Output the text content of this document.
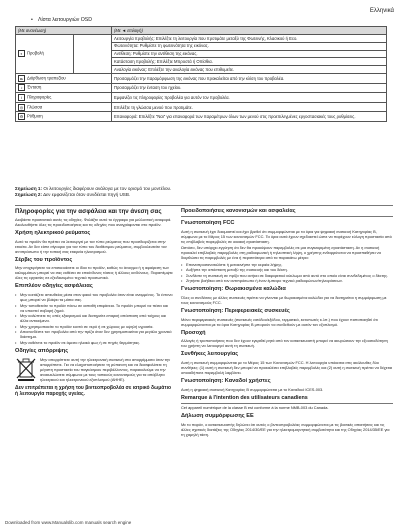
Ελληνικά
• Λίστα λειτουργιών OSD
(Με ανανέωση)		(Με ◄ επιλογή)
◐ Προβολή		Λειτουργία προβολής: Επιλέξτε τη λειτουργία που προτιμάτε μεταξύ της Φωτεινής, Κλασικού ή Eco.
		Φωτεινότητα: Ρυθμίστε τη φωτεινότητα της εικόνας.
		Αντίθεση: Ρυθμίστε την αντίθεση της εικόνας.
		Κατάσταση προβολής: Επιλέξτε Μπροστά ή Οπίσθια.
		Αναλογία εικόνας: Επιλέξτε την αναλογία εικόνας που επιθυμείτε.
⏢ Διόρθωση τραπεζίου		Προσαρμόζει την παραμόρφωση της εικόνας που προκαλείται από την κλίση του προβολέα.
♪ Ένταση		Προσαρμόζει την ένταση του ηχείου.
i Πληροφορίες		Εμφανίζει τις πληροφορίες προβολέα για αυτόν τον προβολέα.
◎ Γλώσσα		Επιλέξτε τη γλώσσα μενού που προτιμάτε.
⚙ Ρύθμιση		Επαναφορά: Επιλέξτε "Ναι" για επαναφορά των παραμέτρων όλων των μενού στις προεπιλεγμένες εργοστασιακές τους ρυθμίσεις.
Σημείωση 1: Οι λειτουργίες διαφέρουν ανάλογα με τον ορισμό του μοντέλου.
Σημείωση 2: Δεν εμφανίζεται όταν συνδέεται πηγή USB.
Πληροφορίες για την ασφάλεια και την άνεση σας
Διαβάστε προσεκτικά αυτές τις οδηγίες. Φυλάξτε αυτό το έγγραφο για μελλοντική αναφορά. Ακολουθήστε όλες τις προειδοποιήσεις και τις οδηγίες που αναγράφονται στο προϊόν.
Χρήση ηλεκτρικού ρεύματος
Αυτό το προϊόν θα πρέπει να λειτουργεί με τον τύπο ρεύματος που προσδιορίζεται στην ετικέτα. Αν δεν είστε σίγουροι για τον τύπο του διαθέσιμου ρεύματος, συμβουλευτείτε τον αντιπρόσωπο ή την τοπική σας εταιρεία ηλεκτρισμού.
Σέρβις του προϊόντος
Μην επιχειρήσετε να επισκευάσετε οι ίδιοι το προϊόν, καθώς το άνοιγμα ή η αφαίρεση των καλυμμάτων μπορεί να σας εκθέσει σε επικίνδυνες τάσεις ή άλλους κινδύνους. Παραπέμψτε όλες τις εργασίες σε εξειδικευμένο τεχνικό προσωπικό.
Επιπλέον οδηγίες ασφάλειας
• Μην κοιτάζετε απευθείας μέσα στον φακό του προβολέα όταν είναι αναμμένος. Το έντονο φως μπορεί να βλάψει τα μάτια σας.
• Μην τοποθετείτε το προϊόν πάνω σε ασταθή επιφάνεια. Το προϊόν μπορεί να πέσει και να υποστεί σοβαρή ζημιά.
• Μην καλύπτετε τις οπές εξαερισμού και διατηρείτε επαρκή απόσταση από τοίχους και άλλα αντικείμενα.
• Μην χρησιμοποιείτε το προϊόν κοντά σε νερό ή σε χώρους με υψηλή υγρασία.
• Αποσυνδέστε τον προβολέα από την πρίζα όταν δεν χρησιμοποιείται για μεγάλο χρονικό διάστημα.
• Μην εκθέτετε το προϊόν σε άμεσο ηλιακό φως ή σε πηγές θερμότητας.
Οδηγίες απόρριψης
Μην απορρίπτετε αυτή την ηλεκτρονική συσκευή στα απορρίμματα όταν την απορρίπτετε. Για να ελαχιστοποιήσετε τη ρύπανση και να διασφαλίσετε τη μέγιστη προστασία του παγκόσμιου περιβάλλοντος, παρακαλούμε να την ανακυκλώσετε σύμφωνα με τους τοπικούς κανονισμούς για τα απόβλητα ηλεκτρικού και ηλεκτρονικού εξοπλισμού (ΑΗΗΕ).
Δεν επιτρέπεται η χρήση του βιντεοπροβολέα σε ιατρικό δωμάτιο ή λειτουργία παροχής υγείας.
Προειδοποιήσεις κανονισμών και ασφαλείας
Γνωστοποίηση FCC
Αυτή η συσκευή έχει δοκιμαστεί και έχει βρεθεί ότι συμμορφώνεται με τα όρια για ψηφιακή συσκευή Κατηγορίας Β, σύμφωνα με το Μέρος 15 των κανονισμών FCC. Τα όρια αυτά έχουν σχεδιαστεί ώστε να παρέχουν εύλογη προστασία από τις επιβλαβείς παρεμβολές σε οικιακή εγκατάσταση.
Ωστόσο, δεν υπάρχει εγγύηση ότι δεν θα προκύψουν παρεμβολές σε μια συγκεκριμένη εγκατάσταση. Αν η συσκευή προκαλεί επιβλαβείς παρεμβολές στη ραδιοφωνική ή τηλεοπτική λήψη, ο χρήστης ενθαρρύνεται να προσπαθήσει να διορθώσει τις παρεμβολές με ένα ή περισσότερα από τα παρακάτω μέτρα:
• Επαναπροσανατολίστε ή μετακινήστε την κεραία λήψης.
• Αυξήστε την απόσταση μεταξύ της συσκευής και του δέκτη.
• Συνδέστε τη συσκευή σε πρίζα που ανήκει σε διαφορετικό κύκλωμα από αυτό στο οποίο είναι συνδεδεμένος ο δέκτης.
• Ζητήστε βοήθεια από τον αντιπρόσωπο ή έναν έμπειρο τεχνικό ραδιοφώνων/τηλεοράσεων.
Γνωστοποίηση: Θωρακισμένα καλώδια
Όλες οι συνδέσεις με άλλες συσκευές πρέπει να γίνονται με θωρακισμένα καλώδια για να διατηρείται η συμμόρφωση με τους κανονισμούς FCC.
Γνωστοποίηση: Περιφερειακές συσκευές
Μόνο περιφερειακές συσκευές (συσκευές εισόδου/εξόδου, τερματικά, εκτυπωτές κ.λπ.) που έχουν πιστοποιηθεί ότι συμμορφώνονται με τα όρια Κατηγορίας Β μπορούν να συνδεθούν με αυτόν τον εξοπλισμό.
Προσοχή
Αλλαγές ή τροποποιήσεις που δεν έχουν εγκριθεί ρητά από τον κατασκευαστή μπορεί να ακυρώσουν την εξουσιοδότηση του χρήστη να λειτουργεί αυτή τη συσκευή.
Συνθήκες λειτουργίας
Αυτή η συσκευή συμμορφώνεται με το Μέρος 15 των Κανονισμών FCC. Η λειτουργία υπόκειται στις ακόλουθες δύο συνθήκες: (1) αυτή η συσκευή δεν μπορεί να προκαλέσει επιβλαβείς παρεμβολές και (2) αυτή η συσκευή πρέπει να δέχεται οποιαδήποτε παρεμβολή λαμβάνει.
Γνωστοποίηση: Καναδοί χρήστες
Αυτή η ψηφιακή συσκευή Κατηγορίας B συμμορφώνεται με το Καναδικό ICES-003.
Remarque à l'intention des utilisateurs canadiens
Cet appareil numérique de la classe B est conforme à la norme NMB-003 du Canada.
Δήλωση συμμόρφωσης ΕΕ
Με το παρόν, ο κατασκευαστής δηλώνει ότι αυτός ο βιντεοπροβολέας συμμορφώνεται με τις βασικές απαιτήσεις και τις άλλες σχετικές διατάξεις της Οδηγίας 2014/30/ΕΕ για την ηλεκτρομαγνητική συμβατότητα και της Οδηγίας 2014/35/ΕΕ για τη χαμηλή τάση.
Downloaded from www.Manualslib.com manuals search engine
